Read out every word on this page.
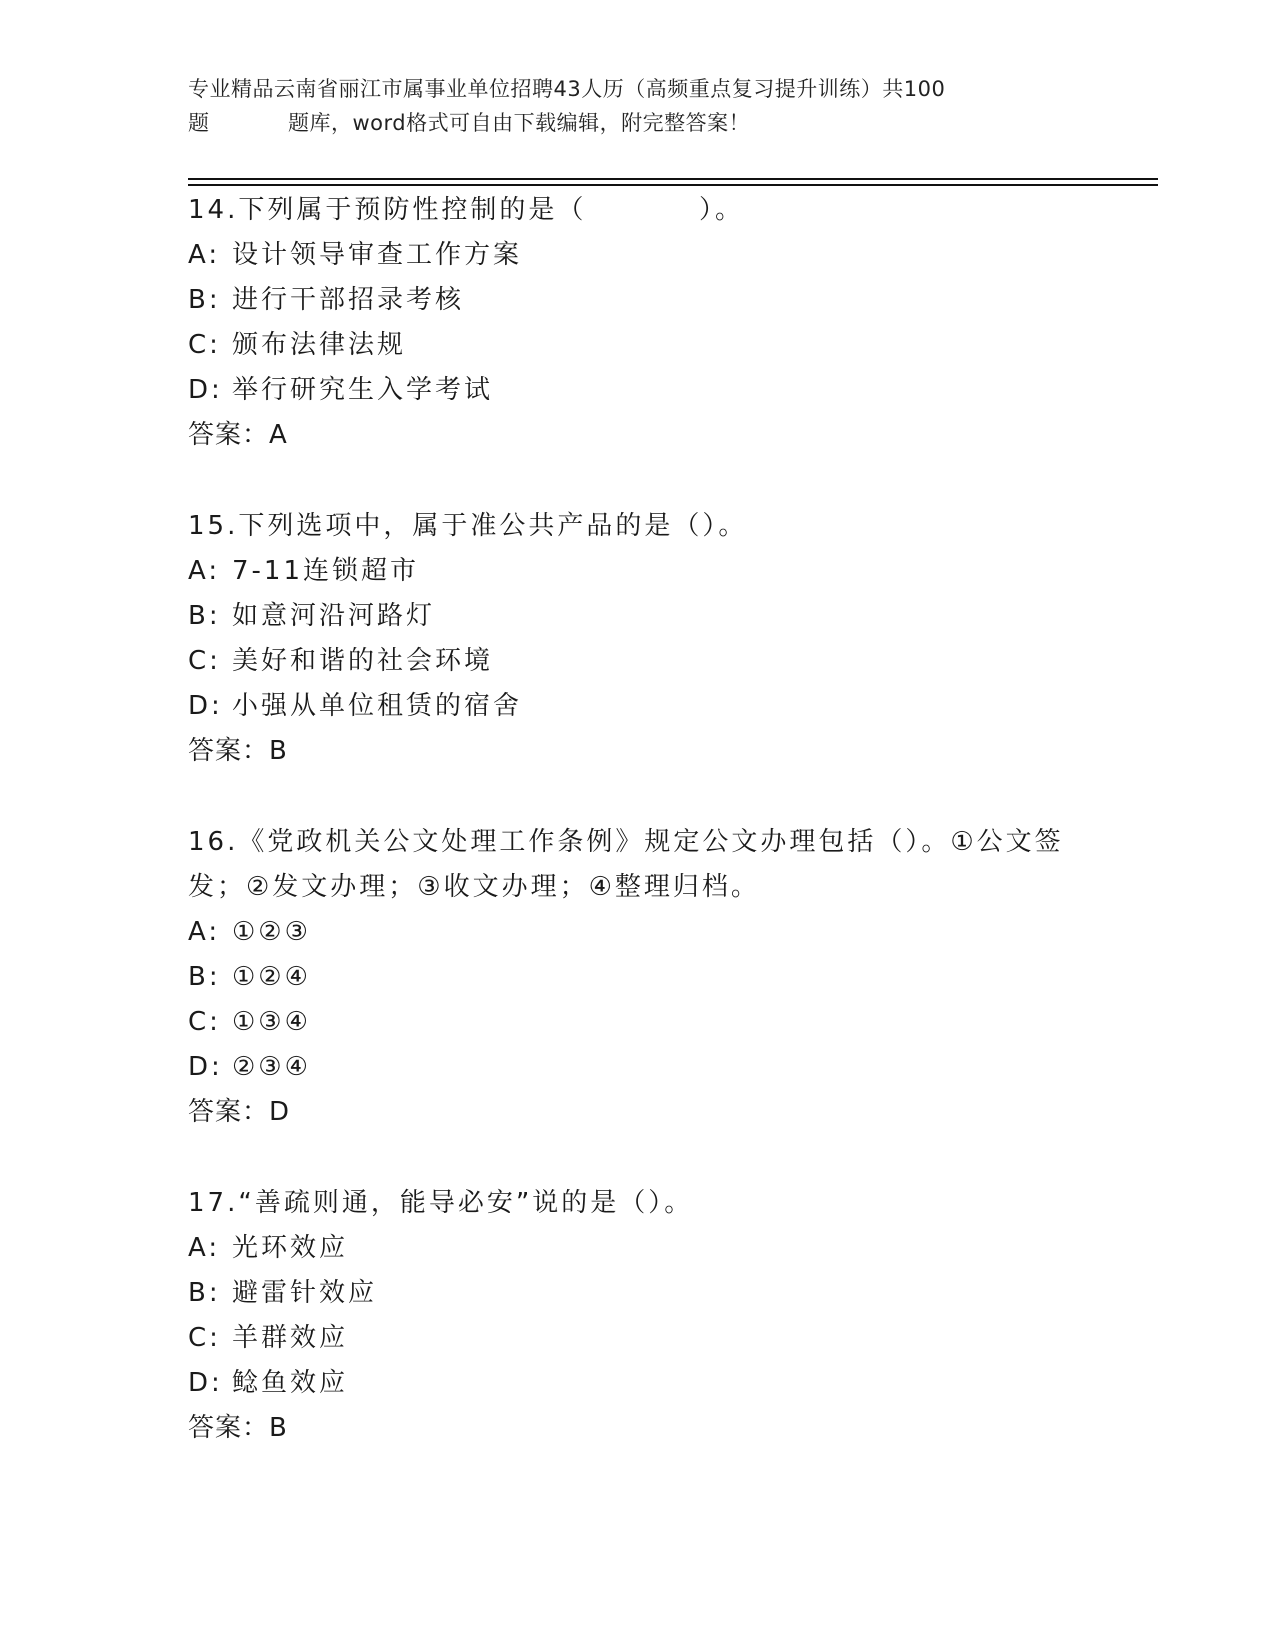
专业精品云南省丽江市属事业单位招聘43人历（高频重点复习提升训练）共100
题	题库，word格式可自由下载编辑，附完整答案！
14.下列属于预防性控制的是（          ）。
A: 设计领导审查工作方案
B: 进行干部招录考核
C: 颁布法律法规
D: 举行研究生入学考试
答案：A
15.下列选项中，属于准公共产品的是（）。
A: 7-11连锁超市
B: 如意河沿河路灯
C: 美好和谐的社会环境
D: 小强从单位租赁的宿舍
答案：B
16.《党政机关公文处理工作条例》规定公文办理包括（）。①公文签
发；②发文办理；③收文办理；④整理归档。
A: ①②③
B: ①②④
C: ①③④
D: ②③④
答案：D
17.“善疏则通，能导必安”说的是（）。
A: 光环效应
B: 避雷针效应
C: 羊群效应
D: 鲶鱼效应
答案：B
